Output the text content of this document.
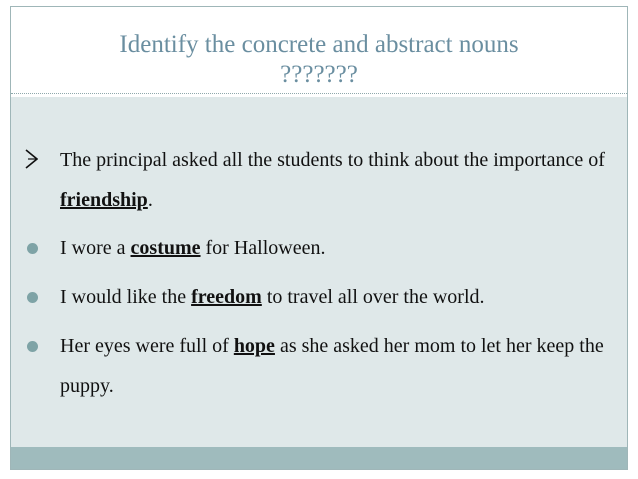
Identify the concrete and abstract nouns
???????
The principal asked all the students to think about the importance of friendship.
I wore a costume for Halloween.
I would like the freedom to travel all over the world.
Her eyes were full of hope as she asked her mom to let her keep the puppy.
